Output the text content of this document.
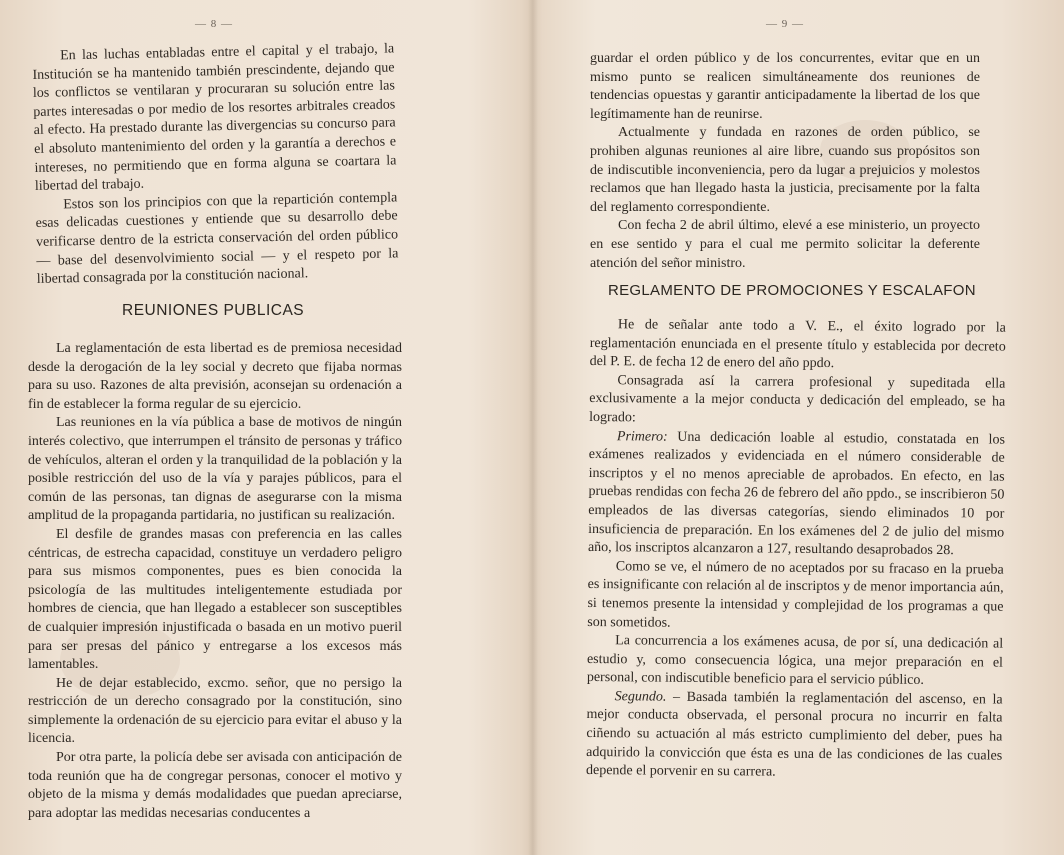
— 8 —

En las luchas entabladas entre el capital y el trabajo, la Institución se ha mantenido también prescindente, dejando que los conflictos se ventilaran y procuraran su solución entre las partes interesadas o por medio de los resortes arbitrales creados al efecto. Ha prestado durante las divergencias su concurso para el absoluto mantenimiento del orden y la garantía a derechos e intereses, no permitiendo que en forma alguna se coartara la libertad del trabajo.

Estos son los principios con que la repartición contempla esas delicadas cuestiones y entiende que su desarrollo debe verificarse dentro de la estricta conservación del orden público — base del desenvolvimiento social — y el respeto por la libertad consagrada por la constitución nacional.

REUNIONES PUBLICAS

La reglamentación de esta libertad es de premiosa necesidad desde la derogación de la ley social y decreto que fijaba normas para su uso. Razones de alta previsión, aconsejan su ordenación a fin de establecer la forma regular de su ejercicio.

Las reuniones en la vía pública a base de motivos de ningún interés colectivo, que interrumpen el tránsito de personas y tráfico de vehículos, alteran el orden y la tranquilidad de la población y la posible restricción del uso de la vía y parajes públicos, para el común de las personas, tan dignas de asegurarse con la misma amplitud de la propaganda partidaria, no justifican su realización.

El desfile de grandes masas con preferencia en las calles céntricas, de estrecha capacidad, constituye un verdadero peligro para sus mismos componentes, pues es bien conocida la psicología de las multitudes inteligentemente estudiada por hombres de ciencia, que han llegado a establecer son susceptibles de cualquier impresión injustificada o basada en un motivo pueril para ser presas del pánico y entregarse a los excesos más lamentables.

He de dejar establecido, excmo. señor, que no persigo la restricción de un derecho consagrado por la constitución, sino simplemente la ordenación de su ejercicio para evitar el abuso y la licencia.

Por otra parte, la policía debe ser avisada con anticipación de toda reunión que ha de congregar personas, conocer el motivo y objeto de la misma y demás modalidades que puedan apreciarse, para adoptar las medidas necesarias conducentes a

— 9 —

guardar el orden público y de los concurrentes, evitar que en un mismo punto se realicen simultáneamente dos reuniones de tendencias opuestas y garantir anticipadamente la libertad de los que legítimamente han de reunirse.

Actualmente y fundada en razones de orden público, se prohiben algunas reuniones al aire libre, cuando sus propósitos son de indiscutible inconveniencia, pero da lugar a prejuicios y molestos reclamos que han llegado hasta la justicia, precisamente por la falta del reglamento correspondiente.

Con fecha 2 de abril último, elevé a ese ministerio, un proyecto en ese sentido y para el cual me permito solicitar la deferente atención del señor ministro.

REGLAMENTO DE PROMOCIONES Y ESCALAFON

He de señalar ante todo a V. E., el éxito logrado por la reglamentación enunciada en el presente título y establecida por decreto del P. E. de fecha 12 de enero del año ppdo.

Consagrada así la carrera profesional y supeditada ella exclusivamente a la mejor conducta y dedicación del empleado, se ha logrado:

Primero: Una dedicación loable al estudio, constatada en los exámenes realizados y evidenciada en el número considerable de inscriptos y el no menos apreciable de aprobados. En efecto, en las pruebas rendidas con fecha 26 de febrero del año ppdo., se inscribieron 50 empleados de las diversas categorías, siendo eliminados 10 por insuficiencia de preparación. En los exámenes del 2 de julio del mismo año, los inscriptos alcanzaron a 127, resultando desaprobados 28.

Como se ve, el número de no aceptados por su fracaso en la prueba es insignificante con relación al de inscriptos y de menor importancia aún, si tenemos presente la intensidad y complejidad de los programas a que son sometidos.

La concurrencia a los exámenes acusa, de por sí, una dedicación al estudio y, como consecuencia lógica, una mejor preparación en el personal, con indiscutible beneficio para el servicio público.

Segundo. – Basada también la reglamentación del ascenso, en la mejor conducta observada, el personal procura no incurrir en falta ciñendo su actuación al más estricto cumplimiento del deber, pues ha adquirido la convicción que ésta es una de las condiciones de las cuales depende el porvenir en su carrera.
